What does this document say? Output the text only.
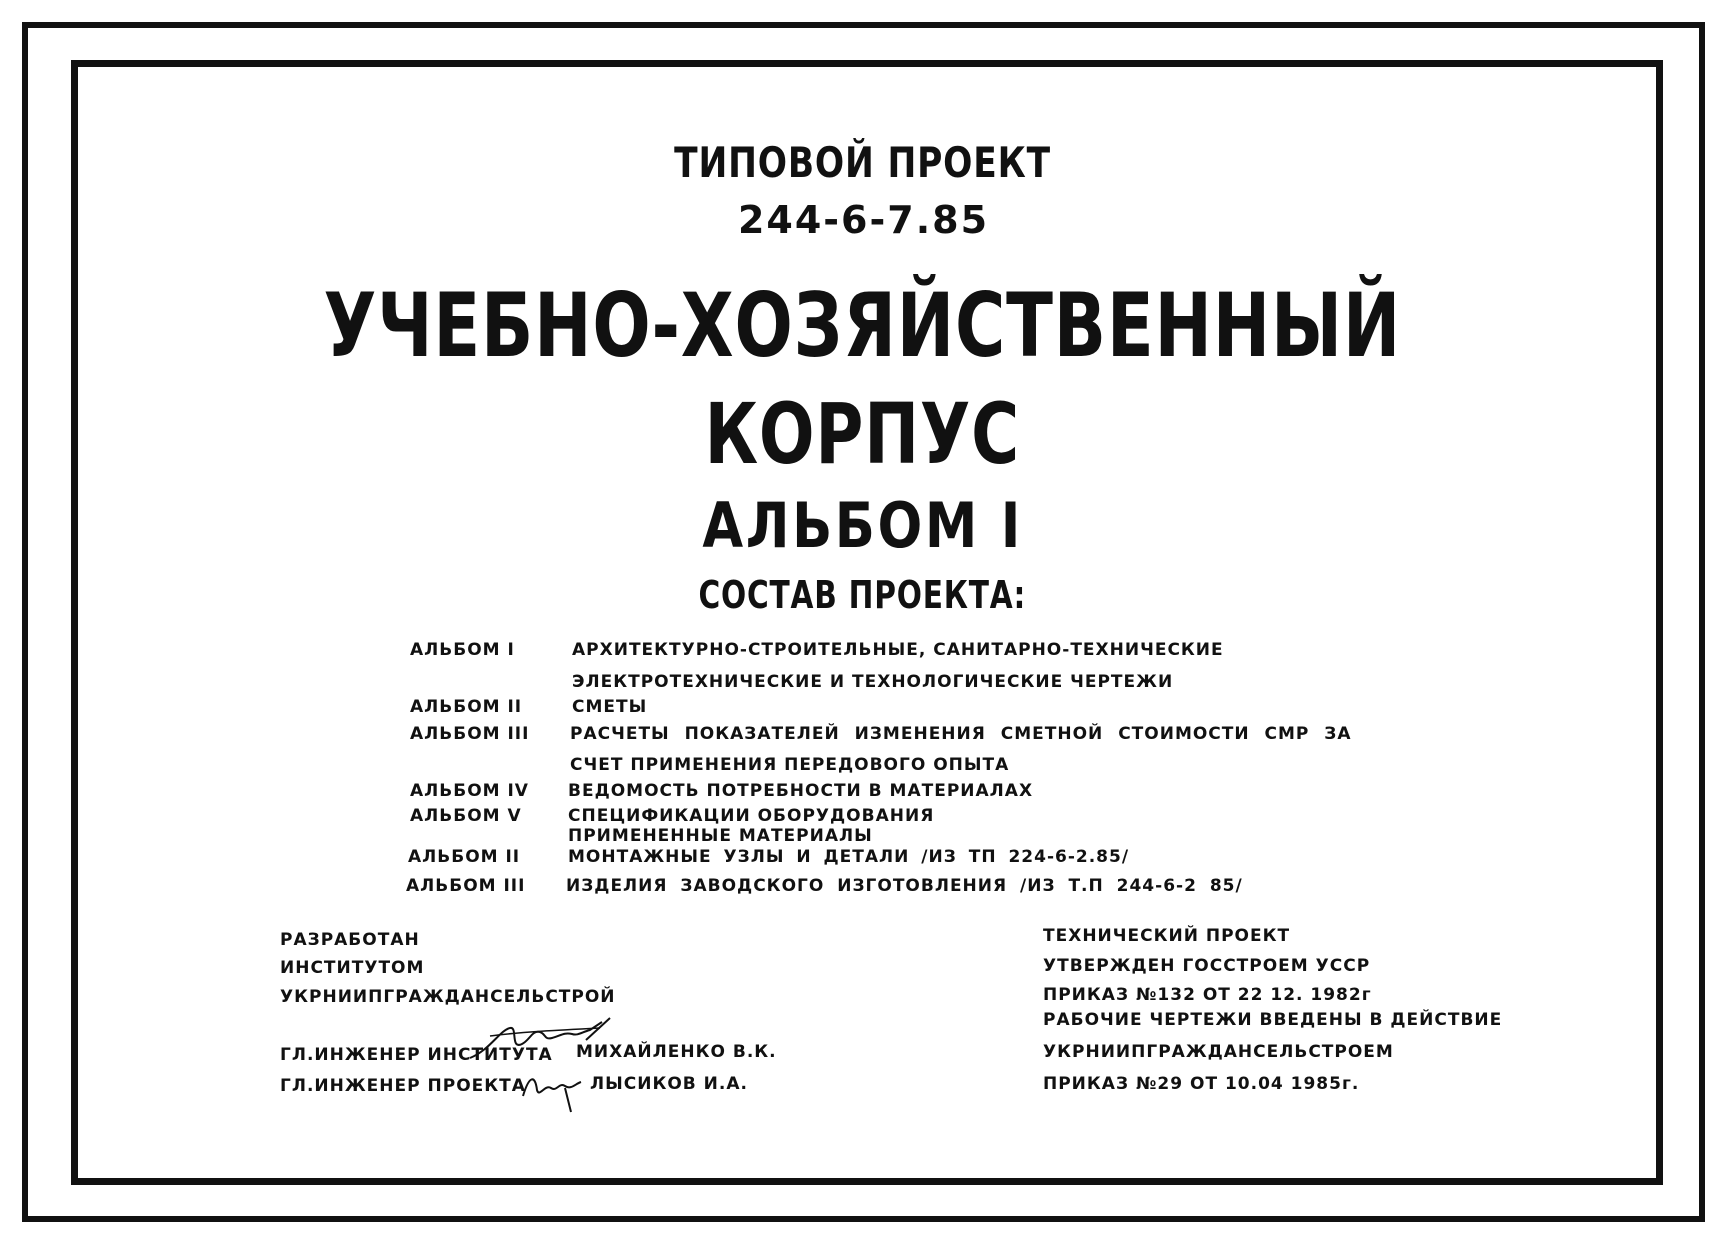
ТИПОВОЙ ПРОЕКТ
244-6-7.85
УЧЕБНО-ХОЗЯЙСТВЕННЫЙ
КОРПУС
АЛЬБОМ I
СОСТАВ ПРОЕКТА:
АЛЬБОМ I	АРХИТЕКТУРНО-СТРОИТЕЛЬНЫЕ, САНИТАРНО-ТЕХНИЧЕСКИЕ
ЭЛЕКТРОТЕХНИЧЕСКИЕ И ТЕХНОЛОГИЧЕСКИЕ ЧЕРТЕЖИ
АЛЬБОМ II	СМЕТЫ
АЛЬБОМ III РАСЧЕТЫ ПОКАЗАТЕЛЕЙ ИЗМЕНЕНИЯ СМЕТНОЙ СТОИМОСТИ СМР ЗА
СЧЕТ ПРИМЕНЕНИЯ ПЕРЕДОВОГО ОПЫТА
АЛЬБОМ IV ВЕДОМОСТЬ ПОТРЕБНОСТИ В МАТЕРИАЛАХ
АЛЬБОМ V	СПЕЦИФИКАЦИИ ОБОРУДОВАНИЯ
ПРИМЕНЕННЫЕ МАТЕРИАЛЫ
АЛЬБОМ II	МОНТАЖНЫЕ УЗЛЫ И ДЕТАЛИ /ИЗ ТП 224-6-2.85/
АЛЬБОМ III ИЗДЕЛИЯ ЗАВОДСКОГО ИЗГОТОВЛЕНИЯ /ИЗ Т.П 244-6-2 85/
РАЗРАБОТАН
ИНСТИТУТОМ
УКРНИИПГРАЖДАНСЕЛЬСТРОЙ
ГЛ.ИНЖЕНЕР ИНСТИТУТА МИХАЙЛЕНКО В.К.
ГЛ.ИНЖЕНЕР ПРОЕКТА	ЛЫСИКОВ И.А.
ТЕХНИЧЕСКИЙ ПРОЕКТ
УТВЕРЖДЕН ГОССТРОЕМ УССР
ПРИКАЗ №132 ОТ 22 12. 1982г
РАБОЧИЕ ЧЕРТЕЖИ ВВЕДЕНЫ В ДЕЙСТВИЕ
УКРНИИПГРАЖДАНСЕЛЬСТРОЕМ
ПРИКАЗ №29 ОТ 10.04 1985г.
